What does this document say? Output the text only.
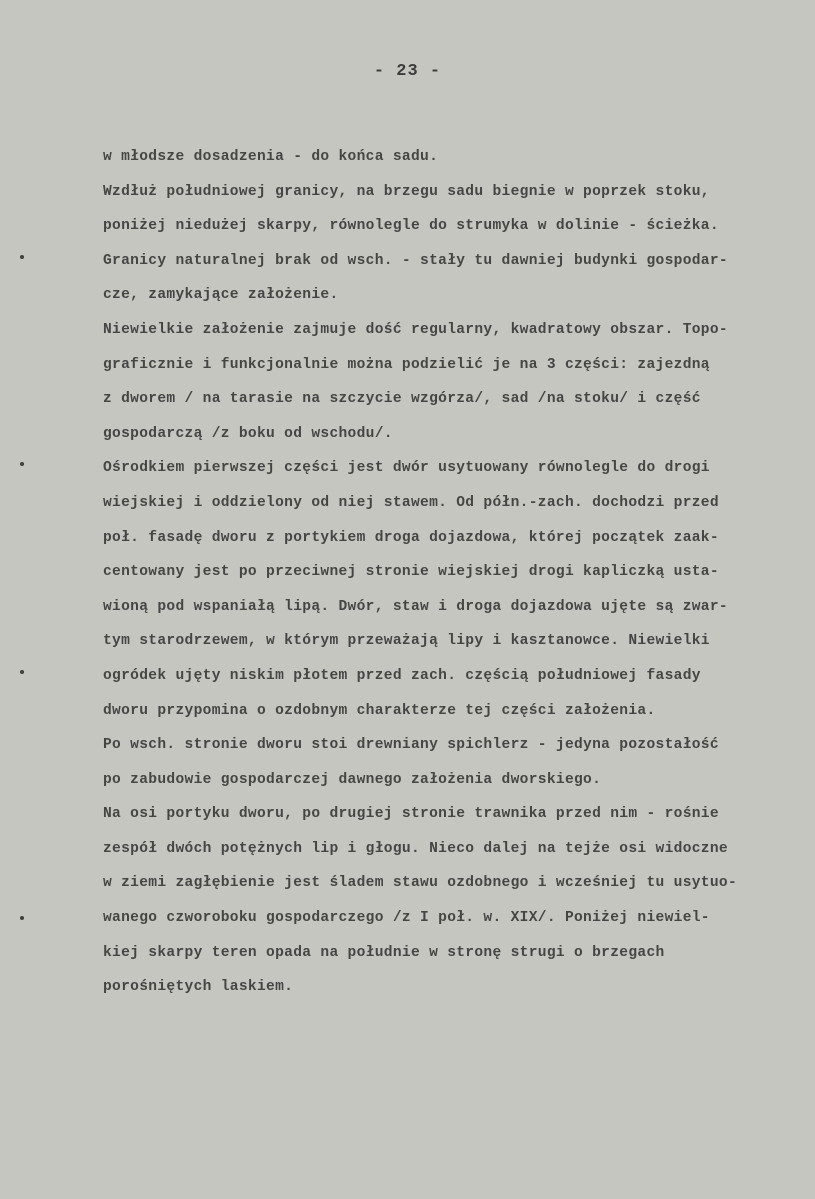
- 23 -
w młodsze dosadzenia - do końca sadu.
Wzdłuż południowej granicy, na brzegu sadu biegnie w poprzek stoku,
poniżej niedużej skarpy, równolegle do strumyka w dolinie - ścieżka.
Granicy naturalnej brak od wsch. - stały tu dawniej budynki gospodar-
cze, zamykające założenie.
Niewielkie założenie zajmuje dość regularny, kwadratowy obszar. Topo-
graficznie i funkcjonalnie można podzielić je na 3 części: zajezdną
z dworem / na tarasie na szczycie wzgórza/, sad /na stoku/ i część
gospodarczą /z boku od wschodu/.
Ośrodkiem pierwszej części jest dwór usytuowany równolegle do drogi
wiejskiej i oddzielony od niej stawem. Od półn.-zach. dochodzi przed
poł. fasadę dworu z portykiem droga dojazdowa, której początek zaak-
centowany jest po przeciwnej stronie wiejskiej drogi kapliczką usta-
wioną pod wspaniałą lipą. Dwór, staw i droga dojazdowa ujęte są zwar-
tym starodrzewem, w którym przeważają lipy i kasztanowce. Niewielki
ogródek ujęty niskim płotem przed zach. częścią południowej fasady
dworu przypomina o ozdobnym charakterze tej części założenia.
Po wsch. stronie dworu stoi drewniany spichlerz - jedyna pozostałość
po zabudowie gospodarczej dawnego założenia dworskiego.
Na osi portyku dworu, po drugiej stronie trawnika przed nim - rośnie
zespół dwóch potężnych lip i głogu. Nieco dalej na tejże osi widoczne
w ziemi zagłębienie jest śladem stawu ozdobnego i wcześniej tu usytuo-
wanego czworoboku gospodarczego /z I poł. w. XIX/. Poniżej niewiel-
kiej skarpy teren opada na południe w stronę strugi o brzegach
porośniętych laskiem.
